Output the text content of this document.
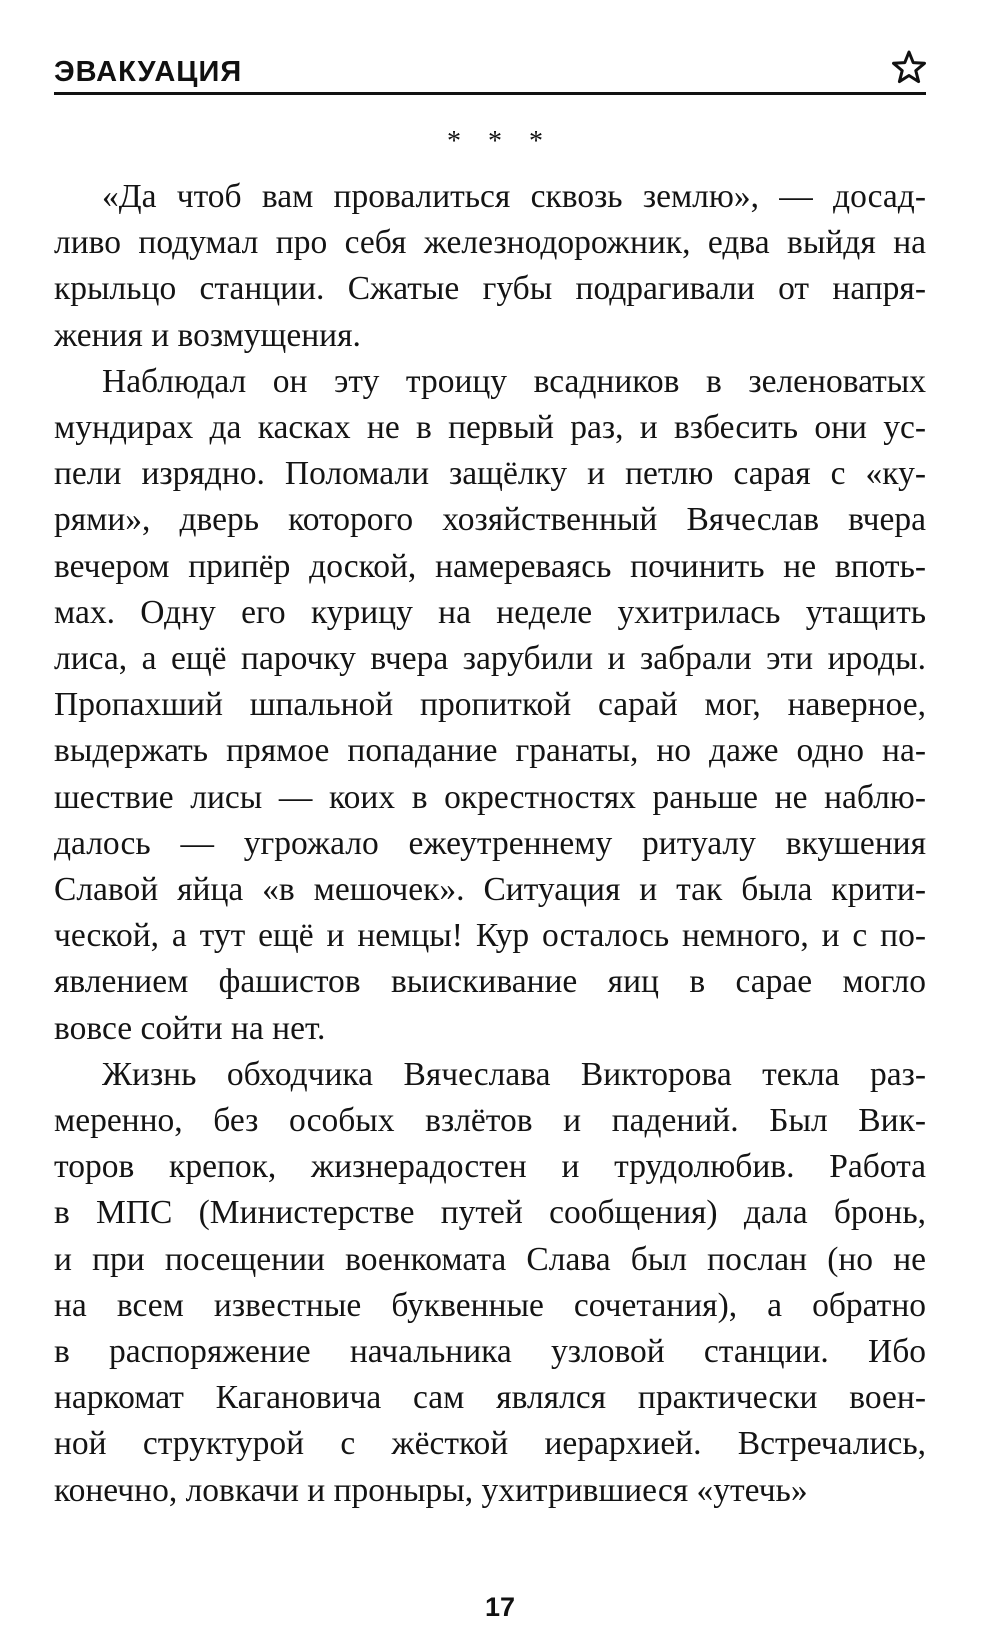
ЭВАКУАЦИЯ
* * *
«Да чтоб вам провалиться сквозь землю», — досад-
ливо подумал про себя железнодорожник, едва выйдя на
крыльцо станции. Сжатые губы подрагивали от напря-
жения и возмущения.
Наблюдал он эту троицу всадников в зеленоватых
мундирах да касках не в первый раз, и взбесить они ус-
пели изрядно. Поломали защёлку и петлю сарая с «ку-
рями», дверь которого хозяйственный Вячеслав вчера
вечером припёр доской, намереваясь починить не впоть-
мах. Одну его курицу на неделе ухитрилась утащить
лиса, а ещё парочку вчера зарубили и забрали эти ироды.
Пропахший шпальной пропиткой сарай мог, наверное,
выдержать прямое попадание гранаты, но даже одно на-
шествие лисы — коих в окрестностях раньше не наблю-
далось — угрожало ежеутреннему ритуалу вкушения
Славой яйца «в мешочек». Ситуация и так была крити-
ческой, а тут ещё и немцы! Кур осталось немного, и с по-
явлением фашистов выискивание яиц в сарае могло
вовсе сойти на нет.
Жизнь обходчика Вячеслава Викторова текла раз-
меренно, без особых взлётов и падений. Был Вик-
торов крепок, жизнерадостен и трудолюбив. Работа
в МПС (Министерстве путей сообщения) дала бронь,
и при посещении военкомата Слава был послан (но не
на всем известные буквенные сочетания), а обратно
в распоряжение начальника узловой станции. Ибо
наркомат Кагановича сам являлся практически воен-
ной структурой с жёсткой иерархией. Встречались,
конечно, ловкачи и проныры, ухитрившиеся «утечь»
17
